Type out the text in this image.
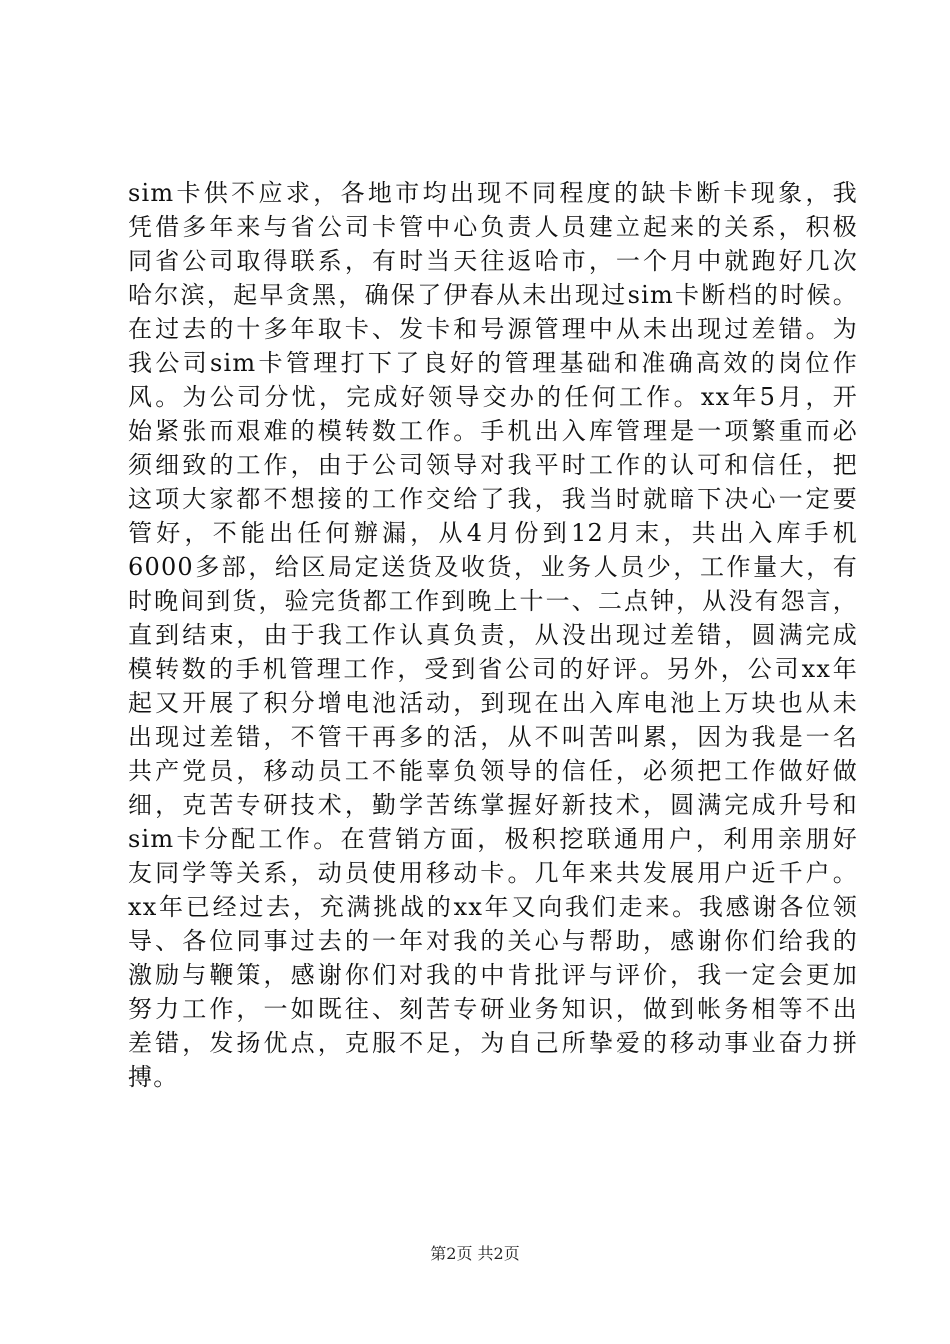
sim卡供不应求，各地市均出现不同程度的缺卡断卡现象，我
凭借多年来与省公司卡管中心负责人员建立起来的关系，积极
同省公司取得联系，有时当天往返哈市，一个月中就跑好几次
哈尔滨，起早贪黑，确保了伊春从未出现过sim卡断档的时候。
在过去的十多年取卡、发卡和号源管理中从未出现过差错。为
我公司sim卡管理打下了良好的管理基础和准确高效的岗位作
风。为公司分忧，完成好领导交办的任何工作。xx年5月，开
始紧张而艰难的模转数工作。手机出入库管理是一项繁重而必
须细致的工作，由于公司领导对我平时工作的认可和信任，把
这项大家都不想接的工作交给了我，我当时就暗下决心一定要
管好，不能出任何辦漏，从4月份到12月末，共出入库手机
6000多部，给区局定送货及收货，业务人员少，工作量大，有
时晚间到货，验完货都工作到晚上十一、二点钟，从没有怨言，
直到结束，由于我工作认真负责，从没出现过差错，圆满完成
模转数的手机管理工作，受到省公司的好评。另外，公司xx年
起又开展了积分增电池活动，到现在出入库电池上万块也从未
出现过差错，不管干再多的活，从不叫苦叫累，因为我是一名
共产党员，移动员工不能辜负领导的信任，必须把工作做好做
细，克苦专研技术，勤学苦练掌握好新技术，圆满完成升号和
sim卡分配工作。在营销方面，极积挖联通用户，利用亲朋好
友同学等关系，动员使用移动卡。几年来共发展用户近千户。
xx年已经过去，充满挑战的xx年又向我们走来。我感谢各位领
导、各位同事过去的一年对我的关心与帮助，感谢你们给我的
激励与鞭策，感谢你们对我的中肯批评与评价，我一定会更加
努力工作，一如既往、刻苦专研业务知识，做到帐务相等不出
差错，发扬优点，克服不足，为自己所挚爱的移动事业奋力拼
搏。
第2页 共2页
